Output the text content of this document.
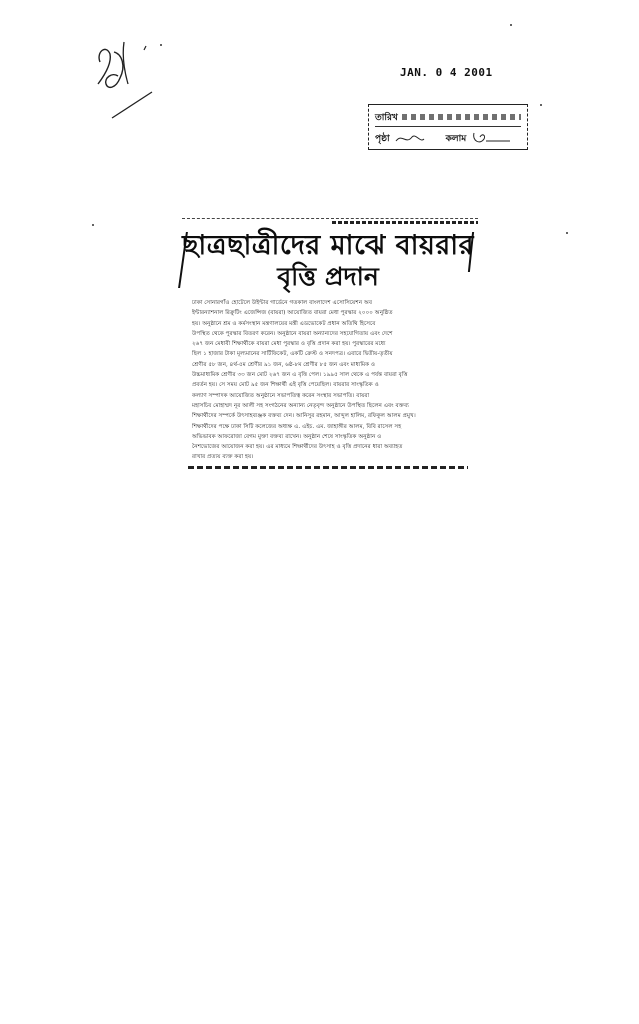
JAN. 0 4 2001
তারিখ
পৃষ্ঠা	কলাম
ছাত্রছাত্রীদের মাঝে বায়রার
বৃত্তি প্রদান
ঢাকা সোনারগাঁও হোটেলে উইন্টার গার্ডেনে গতকাল বাংলাদেশ এসোসিয়েশন অব
ইন্টারন্যাশনাল রিক্রুটিং এজেন্সিজ (বায়রা) আয়োজিত বায়রা মেধা পুরস্কার ২০০০ অনুষ্ঠিত
হয়। অনুষ্ঠানে শ্রম ও কর্মসংস্থান মন্ত্রণালয়ের মন্ত্রী এডভোকেট প্রধান অতিথি হিসেবে
উপস্থিত থেকে পুরস্কার বিতরণ করেন। অনুষ্ঠানে বায়রা অন্যান্যদের সহযোগিতায় এবং দেশে
২৬৭ জন মেধাবী শিক্ষার্থীকে বায়রা মেধা পুরস্কার ও বৃত্তি প্রদান করা হয়। পুরস্কারের মধ্যে
ছিল ১ হাজার টাকা মূল্যমানের সার্টিফিকেট, একটি ক্রেস্ট ও সনদপত্র। এবারে দ্বিতীয়-তৃতীয়
শ্রেণীর ৫৮ জন, ৪র্থ-৫ম শ্রেণীর ৯১ জন, ৬ষ্ঠ-৮ম শ্রেণীর ৮৫ জন এবং মাধ্যমিক ও
উচ্চমাধ্যমিক শ্রেণীর ৩৩ জন মোট ২৬৭ জন এ বৃত্তি পেল। ১৯৯৫ সাল থেকে এ পর্যন্ত বায়রা বৃত্তি
প্রবর্তন হয়। সে সময় মোট ৯৫ জন শিক্ষার্থী এই বৃত্তি পেয়েছিল। বায়রার সাংস্কৃতিক ও
কল্যাণ সম্পাদক আয়োজিত অনুষ্ঠানে সভাপতিত্ব করেন সংস্থার সভাপতি। বায়রা
মহাসচিব মোহাম্মদ নূর আলী সহ সংগঠনের অন্যান্য নেতৃবৃন্দ অনুষ্ঠানে উপস্থিত ছিলেন এবং বক্তব্য
শিক্ষার্থীদের সম্পর্কে উৎসাহব্যঞ্জক বক্তব্য দেন। আনিসুর রহমান, আব্দুল হালিম, রফিকুল আলম প্রমুখ।
শিক্ষার্থীদের পক্ষে ঢাকা সিটি কলেজের অধ্যক্ষ এ. এইচ. এম. জাহাঙ্গীর আলম, বিবি রাসেল সহ
অভিভাবক আফরোজা বেগম মুক্তা বক্তব্য রাখেন। অনুষ্ঠান শেষে সাংস্কৃতিক অনুষ্ঠান ও
নৈশভোজের আয়োজন করা হয়। এর মাধ্যমে শিক্ষার্থীদের উৎসাহ ও বৃত্তি প্রদানের ধারা অব্যাহত
রাখার প্রত্যয় ব্যক্ত করা হয়।
